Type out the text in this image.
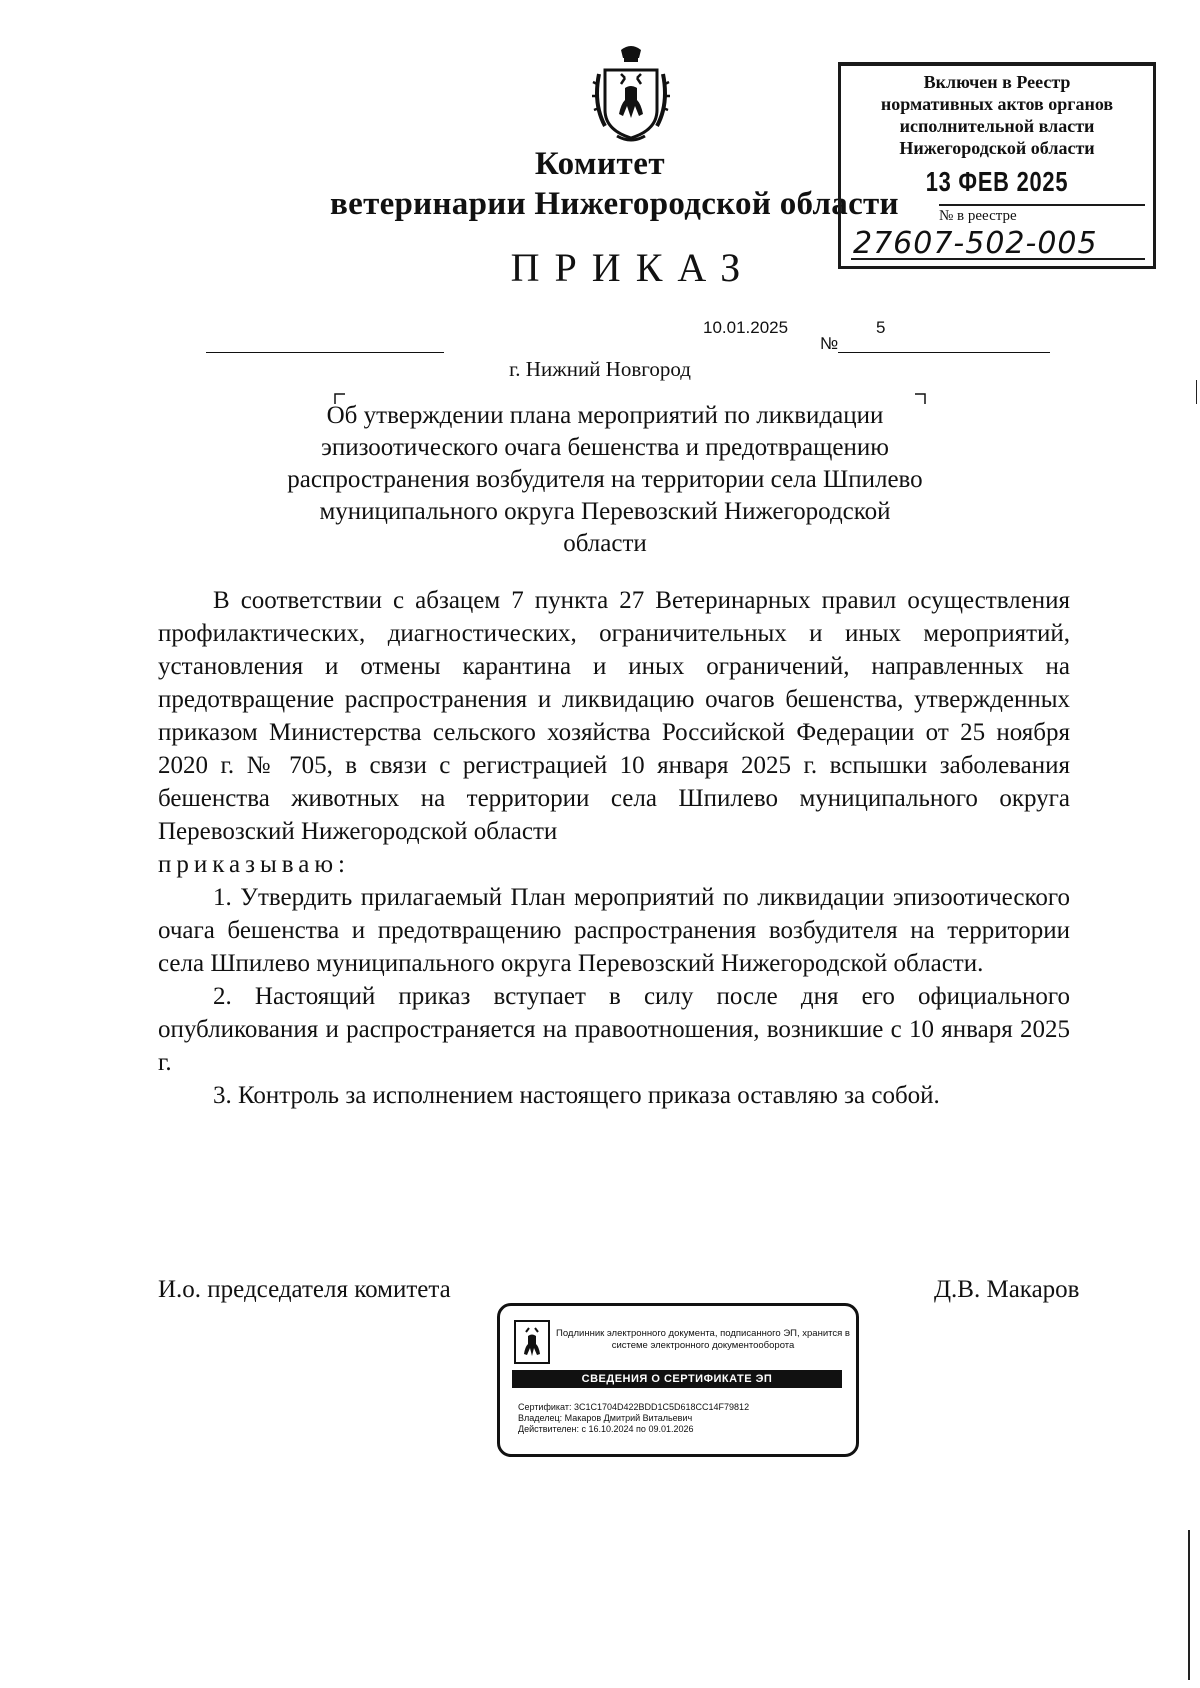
Комитет
ветеринарии Нижегородской области
ПРИКАЗ
Включен в Реестр
нормативных актов органов
исполнительной власти
Нижегородской области
13 ФЕВ 2025
№ в реестре
27607-502-005
10.01.2025	5
№
г. Нижний Новгород
Об утверждении плана мероприятий по ликвидации эпизоотического очага бешенства и предотвращению распространения возбудителя на территории села Шпилево муниципального округа Перевозский Нижегородской области

В соответствии с абзацем 7 пункта 27 Ветеринарных правил осуществления профилактических, диагностических, ограничительных и иных мероприятий, установления и отмены карантина и иных ограничений, направленных на предотвращение распространения и ликвидацию очагов бешенства, утвержденных приказом Министерства сельского хозяйства Российской Федерации от 25 ноября 2020 г. № 705, в связи с регистрацией 10 января 2025 г. вспышки заболевания бешенства животных на территории села Шпилево муниципального округа Перевозский Нижегородской области

приказываю:

1. Утвердить прилагаемый План мероприятий по ликвидации эпизоотического очага бешенства и предотвращению распространения возбудителя на территории села Шпилево муниципального округа Перевозский Нижегородской области.

2. Настоящий приказ вступает в силу после дня его официального опубликования и распространяется на правоотношения, возникшие с 10 января 2025 г.

3. Контроль за исполнением настоящего приказа оставляю за собой.

И.о. председателя комитета	Д.В. Макаров
Подлинник электронного документа, подписанного ЭП, хранится в системе электронного документооборота
СВЕДЕНИЯ О СЕРТИФИКАТЕ ЭП
Сертификат: 3C1C1704D422BDD1C5D618CC14F79812
Владелец: Макаров Дмитрий Витальевич
Действителен: с 16.10.2024 по 09.01.2026
